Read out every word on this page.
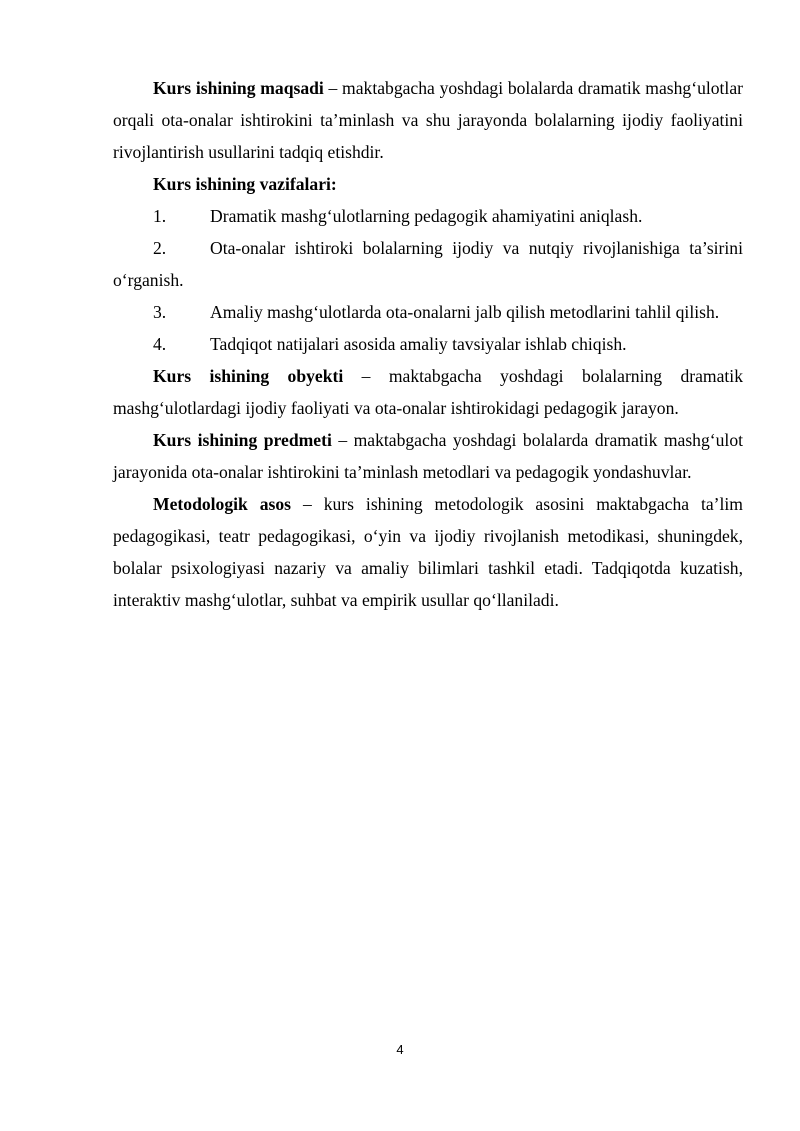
Kurs ishining maqsadi – maktabgacha yoshdagi bolalarda dramatik mashg‘ulotlar orqali ota-onalar ishtirokini ta’minlash va shu jarayonda bolalarning ijodiy faoliyatini rivojlantirish usullarini tadqiq etishdir.

Kurs ishining vazifalari:

1. Dramatik mashg‘ulotlarning pedagogik ahamiyatini aniqlash.

2. Ota-onalar ishtiroki bolalarning ijodiy va nutqiy rivojlanishiga ta’sirini o‘rganish.

3. Amaliy mashg‘ulotlarda ota-onalarni jalb qilish metodlarini tahlil qilish.

4. Tadqiqot natijalari asosida amaliy tavsiyalar ishlab chiqish.

Kurs ishining obyekti – maktabgacha yoshdagi bolalarning dramatik mashg‘ulotlardagi ijodiy faoliyati va ota-onalar ishtirokidagi pedagogik jarayon.

Kurs ishining predmeti – maktabgacha yoshdagi bolalarda dramatik mashg‘ulot jarayonida ota-onalar ishtirokini ta’minlash metodlari va pedagogik yondashuvlar.

Metodologik asos – kurs ishining metodologik asosini maktabgacha ta’lim pedagogikasi, teatr pedagogikasi, o‘yin va ijodiy rivojlanish metodikasi, shuningdek, bolalar psixologiyasi nazariy va amaliy bilimlari tashkil etadi. Tadqiqotda kuzatish, interaktiv mashg‘ulotlar, suhbat va empirik usullar qo‘llaniladi.

4
